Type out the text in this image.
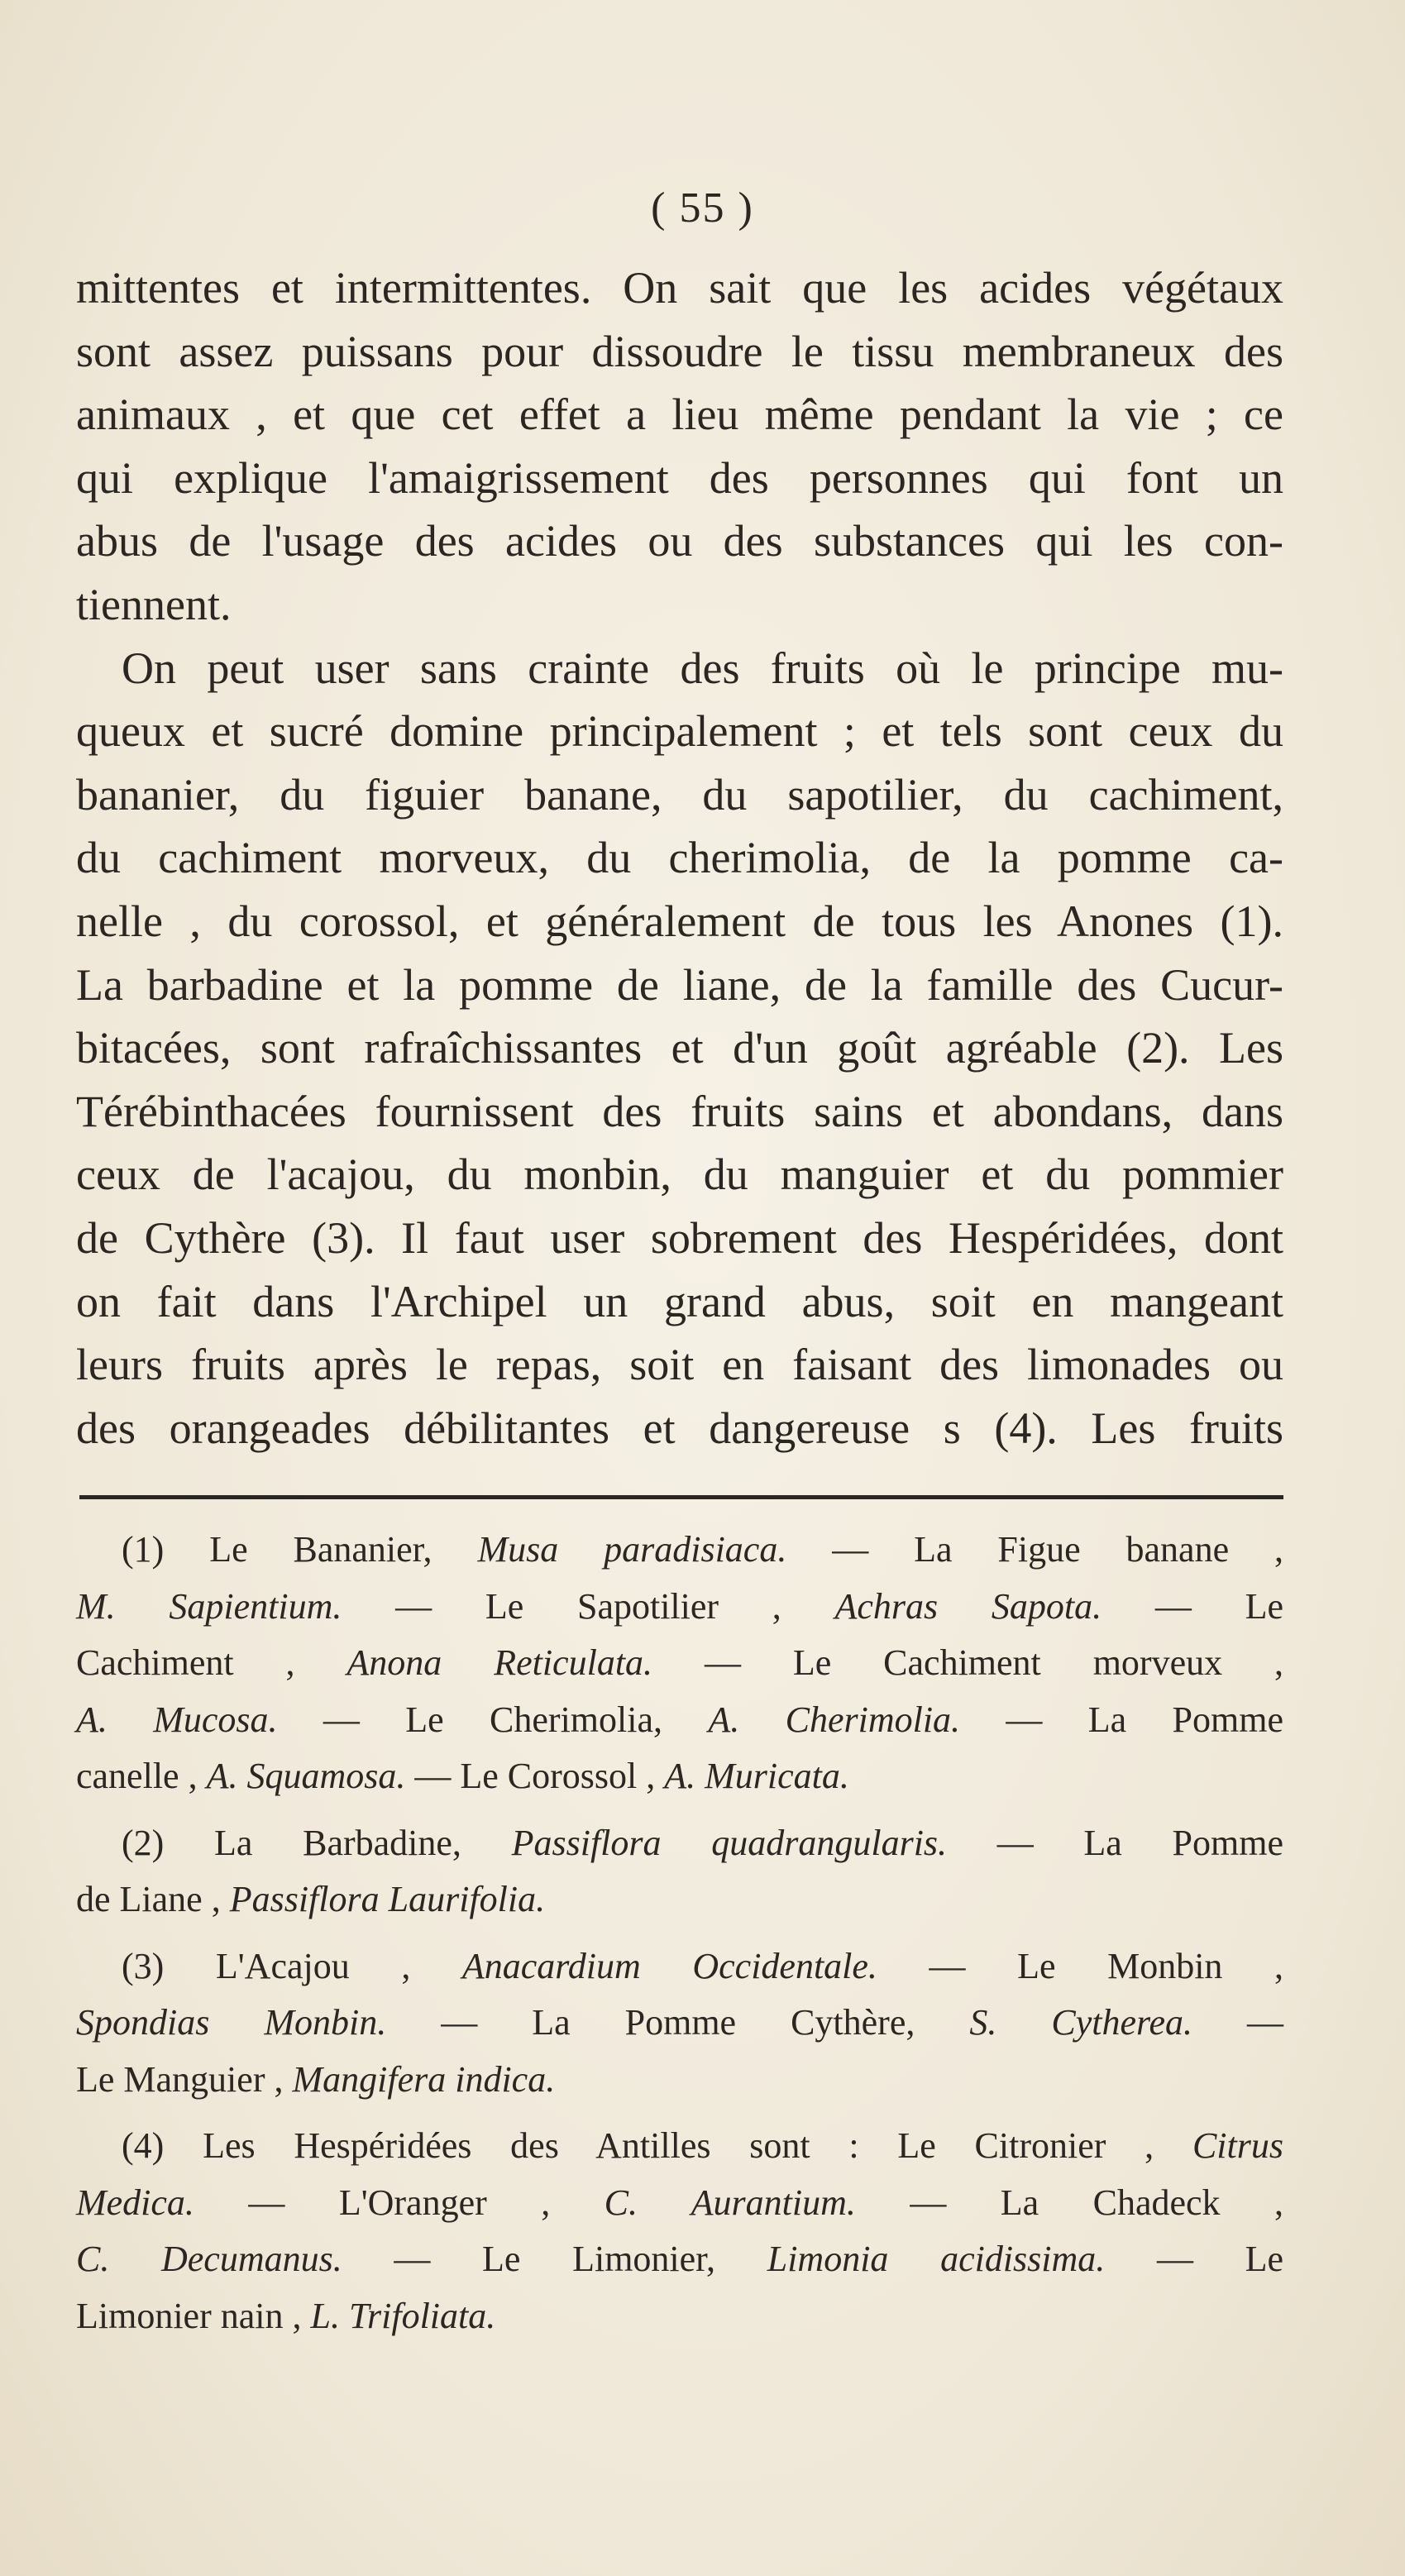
( 55 )
mittentes et intermittentes. On sait que les acides végétaux
sont assez puissans pour dissoudre le tissu membraneux des
animaux , et que cet effet a lieu même pendant la vie ; ce
qui explique l'amaigrissement des personnes qui font un
abus de l'usage des acides ou des substances qui les con-
tiennent.
On peut user sans crainte des fruits où le principe mu-
queux et sucré domine principalement ; et tels sont ceux du
bananier, du figuier banane, du sapotilier, du cachiment,
du cachiment morveux, du cherimolia, de la pomme ca-
nelle , du corossol, et généralement de tous les Anones (1).
La barbadine et la pomme de liane, de la famille des Cucur-
bitacées, sont rafraîchissantes et d'un goût agréable (2). Les
Térébinthacées fournissent des fruits sains et abondans, dans
ceux de l'acajou, du monbin, du manguier et du pommier
de Cythère (3). Il faut user sobrement des Hespéridées, dont
on fait dans l'Archipel un grand abus, soit en mangeant
leurs fruits après le repas, soit en faisant des limonades ou
des orangeades débilitantes et dangereuse s (4). Les fruits
(1) Le Bananier, Musa paradisiaca. — La Figue banane ,
M. Sapientium. — Le Sapotilier , Achras Sapota. — Le
Cachiment , Anona Reticulata. — Le Cachiment morveux ,
A. Mucosa. — Le Cherimolia, A. Cherimolia. — La Pomme
canelle , A. Squamosa. — Le Corossol , A. Muricata.
(2) La Barbadine, Passiflora quadrangularis. — La Pomme
de Liane , Passiflora Laurifolia.
(3) L'Acajou , Anacardium Occidentale. — Le Monbin ,
Spondias Monbin. — La Pomme Cythère, S. Cytherea. —
Le Manguier , Mangifera indica.
(4) Les Hespéridées des Antilles sont : Le Citronier , Citrus
Medica. — L'Oranger , C. Aurantium. — La Chadeck ,
C. Decumanus. — Le Limonier, Limonia acidissima. — Le
Limonier nain , L. Trifoliata.
